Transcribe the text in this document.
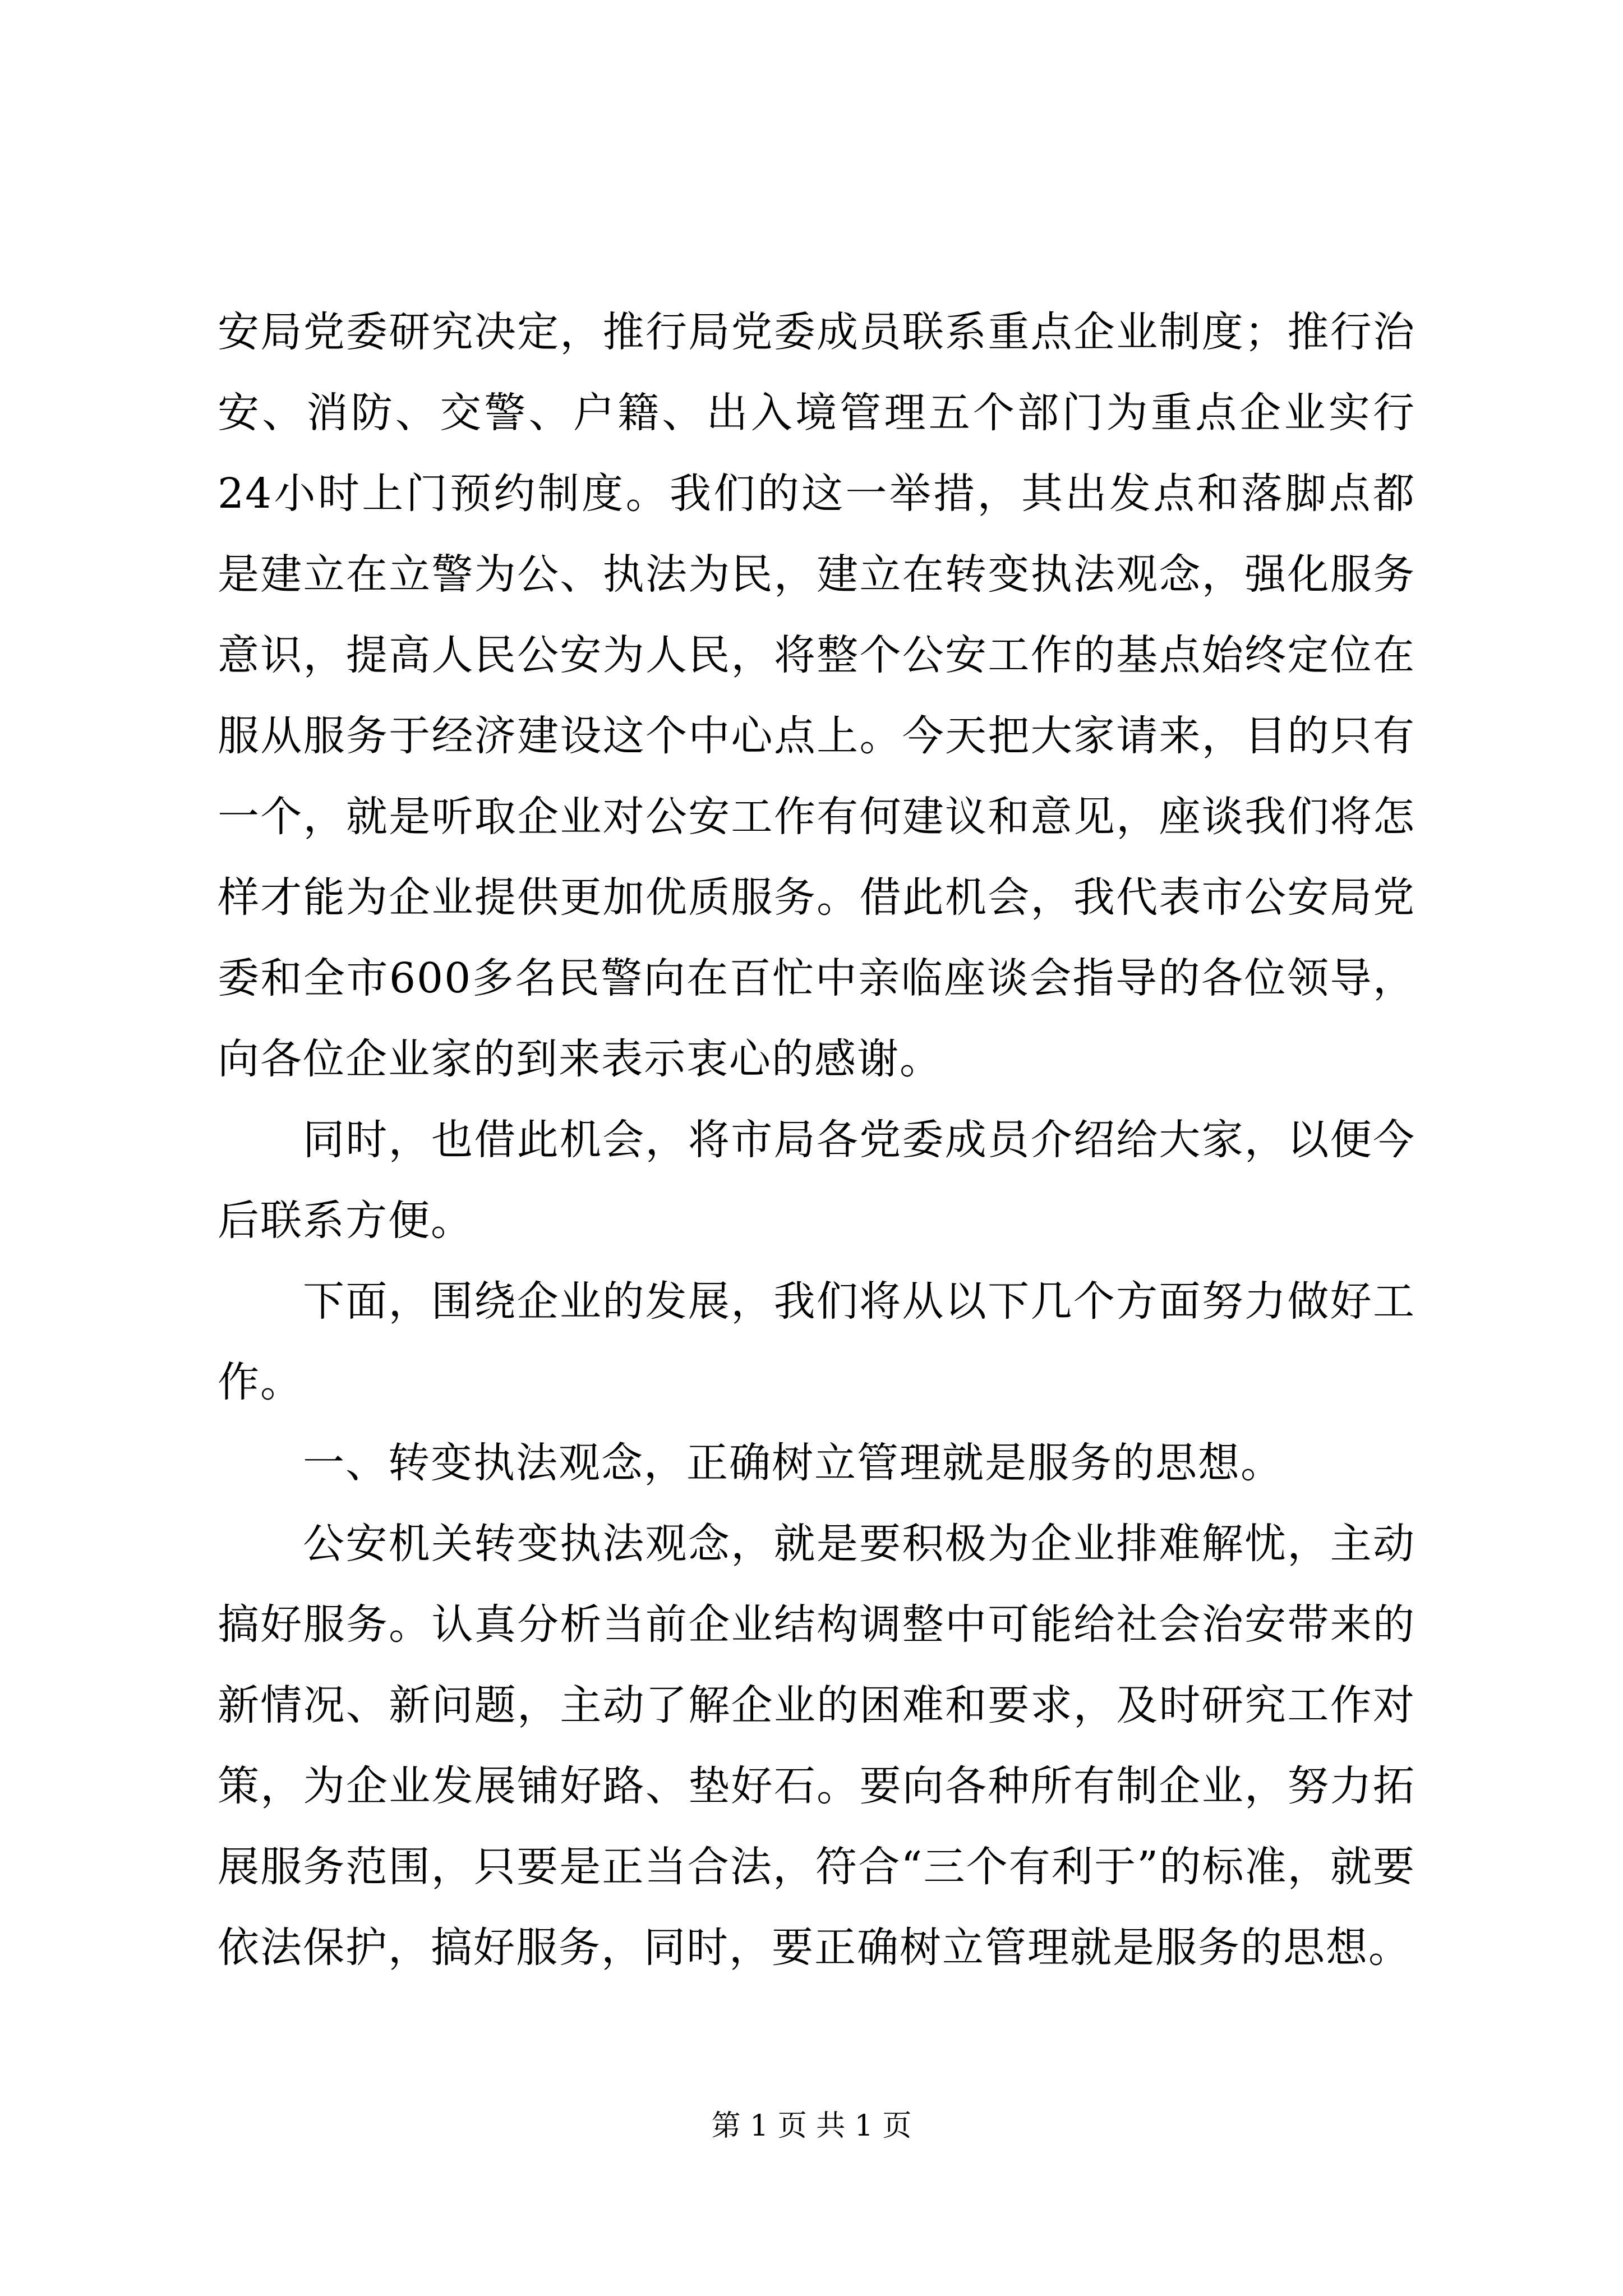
安局党委研究决定，推行局党委成员联系重点企业制度；推行治安、消防、交警、户籍、出入境管理五个部门为重点企业实行24小时上门预约制度。我们的这一举措，其出发点和落脚点都是建立在立警为公、执法为民，建立在转变执法观念，强化服务意识，提高人民公安为人民，将整个公安工作的基点始终定位在服从服务于经济建设这个中心点上。今天把大家请来，目的只有一个，就是听取企业对公安工作有何建议和意见，座谈我们将怎样才能为企业提供更加优质服务。借此机会，我代表市公安局党委和全市600多名民警向在百忙中亲临座谈会指导的各位领导，向各位企业家的到来表示衷心的感谢。

同时，也借此机会，将市局各党委成员介绍给大家，以便今后联系方便。

下面，围绕企业的发展，我们将从以下几个方面努力做好工作。

一、转变执法观念，正确树立管理就是服务的思想。

公安机关转变执法观念，就是要积极为企业排难解忧，主动搞好服务。认真分析当前企业结构调整中可能给社会治安带来的新情况、新问题，主动了解企业的困难和要求，及时研究工作对策，为企业发展铺好路、垫好石。要向各种所有制企业，努力拓展服务范围，只要是正当合法，符合“三个有利于”的标准，就要依法保护，搞好服务，同时，要正确树立管理就是服务的思想。

第 1 页 共 1 页
